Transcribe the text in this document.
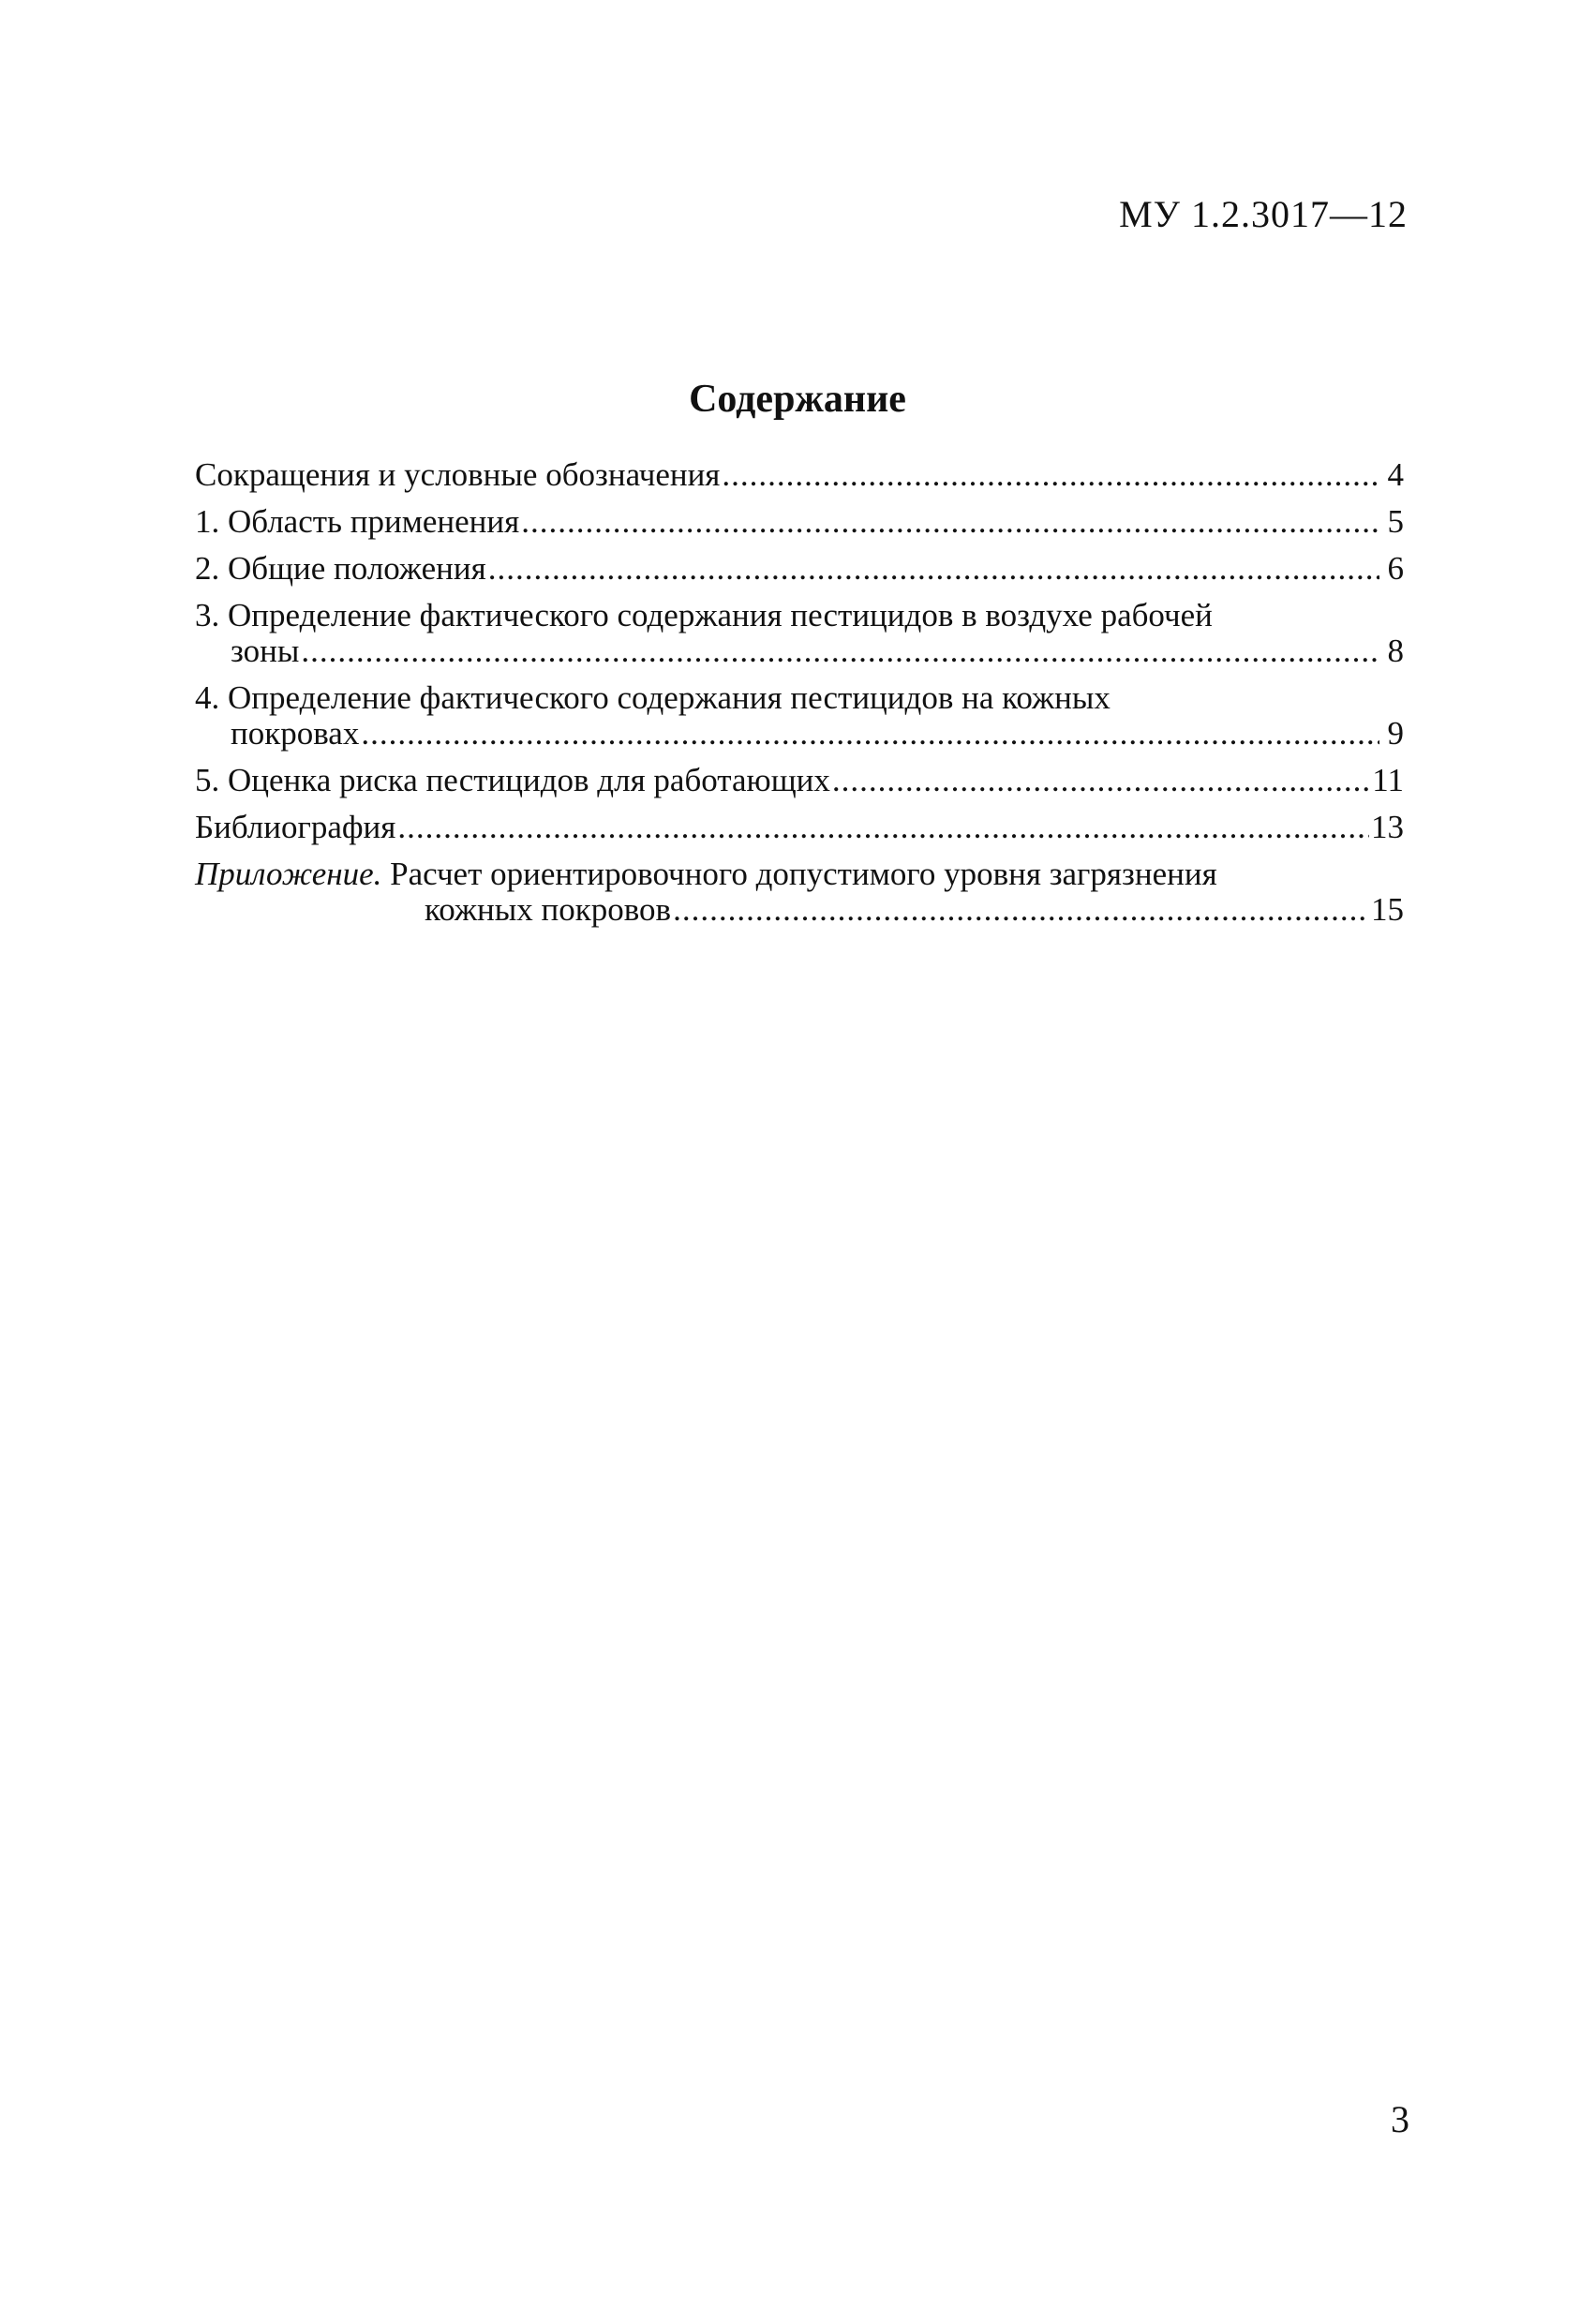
МУ 1.2.3017—12
Содержание
Сокращения и условные обозначения .....	4
1. Область применения .....	5
2. Общие положения .....	6
3. Определение фактического содержания пестицидов в воздухе рабочей
зоны .....	8
4. Определение фактического содержания пестицидов на кожных
покровах .....	9
5. Оценка риска пестицидов для работающих .....	11
Библиография .....	13
Приложение. Расчет ориентировочного допустимого уровня загрязнения
кожных покровов .....	15
3
